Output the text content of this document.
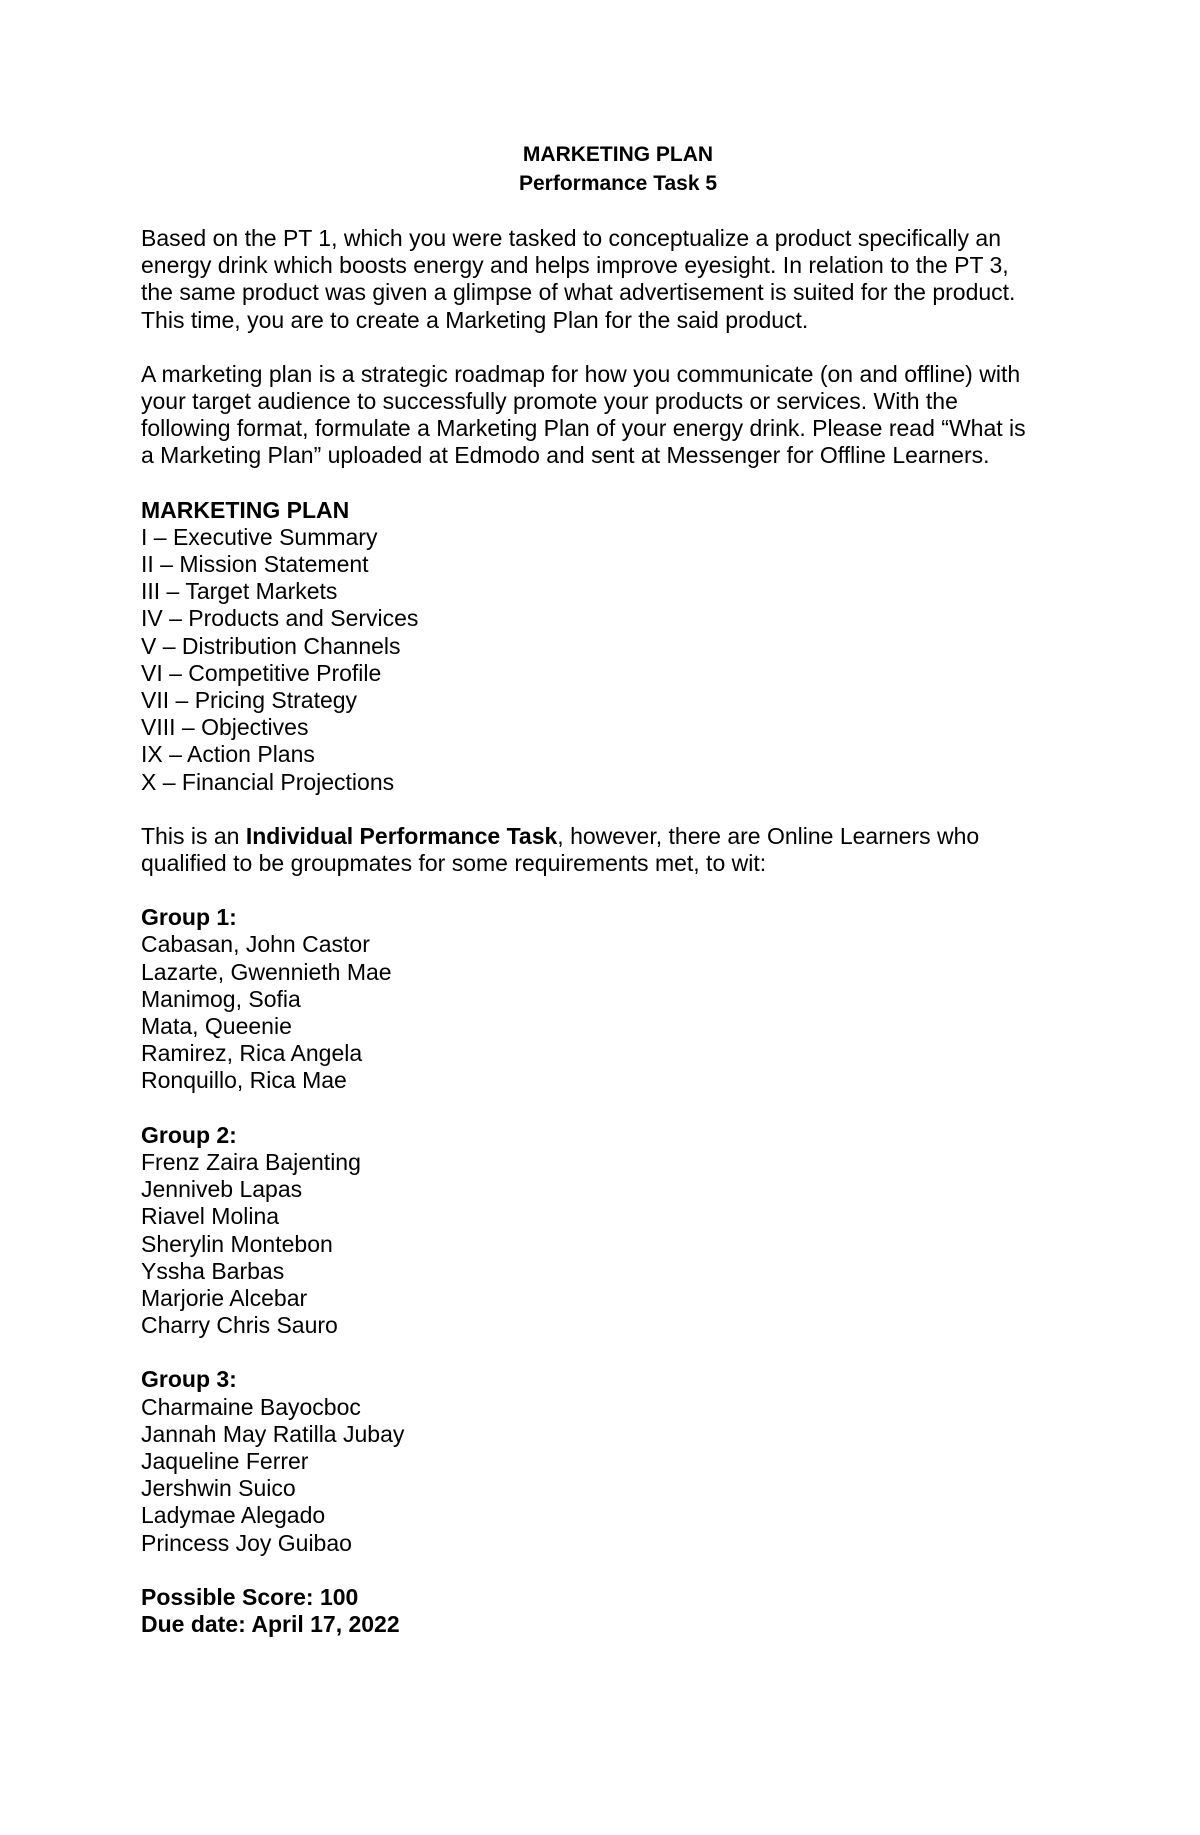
MARKETING PLAN
Performance Task 5

Based on the PT 1, which you were tasked to conceptualize a product specifically an
energy drink which boosts energy and helps improve eyesight. In relation to the PT 3,
the same product was given a glimpse of what advertisement is suited for the product.
This time, you are to create a Marketing Plan for the said product.

A marketing plan is a strategic roadmap for how you communicate (on and offline) with
your target audience to successfully promote your products or services. With the
following format, formulate a Marketing Plan of your energy drink. Please read “What is
a Marketing Plan” uploaded at Edmodo and sent at Messenger for Offline Learners.

MARKETING PLAN
I – Executive Summary
II – Mission Statement
III – Target Markets
IV – Products and Services
V – Distribution Channels
VI – Competitive Profile
VII – Pricing Strategy
VIII – Objectives
IX – Action Plans
X – Financial Projections

This is an Individual Performance Task, however, there are Online Learners who
qualified to be groupmates for some requirements met, to wit:

Group 1:
Cabasan, John Castor
Lazarte, Gwennieth Mae
Manimog, Sofia
Mata, Queenie
Ramirez, Rica Angela
Ronquillo, Rica Mae
Group 2:
Frenz Zaira Bajenting
Jenniveb Lapas
Riavel Molina
Sherylin Montebon
Yssha Barbas
Marjorie Alcebar
Charry Chris Sauro
Group 3:
Charmaine Bayocboc
Jannah May Ratilla Jubay
Jaqueline Ferrer
Jershwin Suico
Ladymae Alegado
Princess Joy Guibao
Possible Score: 100
Due date: April 17, 2022
